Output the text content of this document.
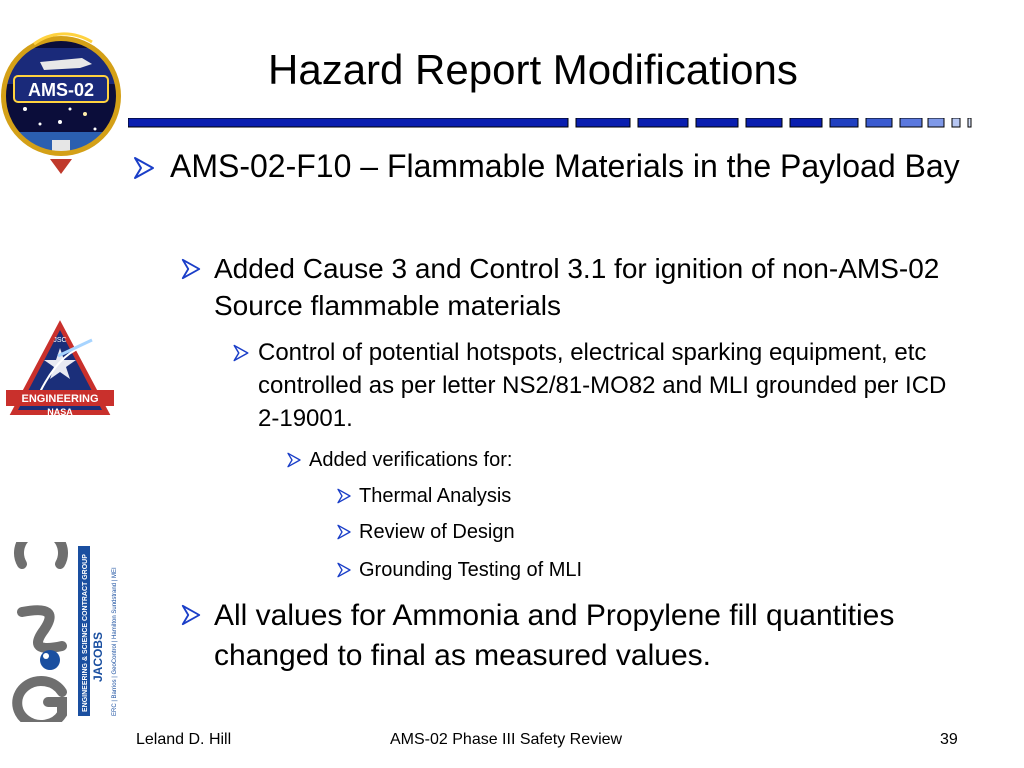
AMS-02
ENGINEERING
NASA
JSC
ENGINEERING & SCIENCE CONTRACT GROUP JACOBS ERC | Barrios | GeoControl | Hamilton Sundstrand | MEI
Hazard Report Modifications
AMS-02-F10 – Flammable Materials in the Payload Bay
Added Cause 3 and Control 3.1 for ignition of non-AMS-02 Source flammable materials
Control of potential hotspots, electrical sparking equipment, etc controlled as per letter NS2/81-MO82 and MLI grounded per ICD 2-19001.
Added verifications for:
Thermal Analysis
Review of Design
Grounding Testing of MLI
All values for Ammonia and Propylene fill quantities changed to final as measured values.
Leland D. Hill	AMS-02 Phase III Safety Review	39
